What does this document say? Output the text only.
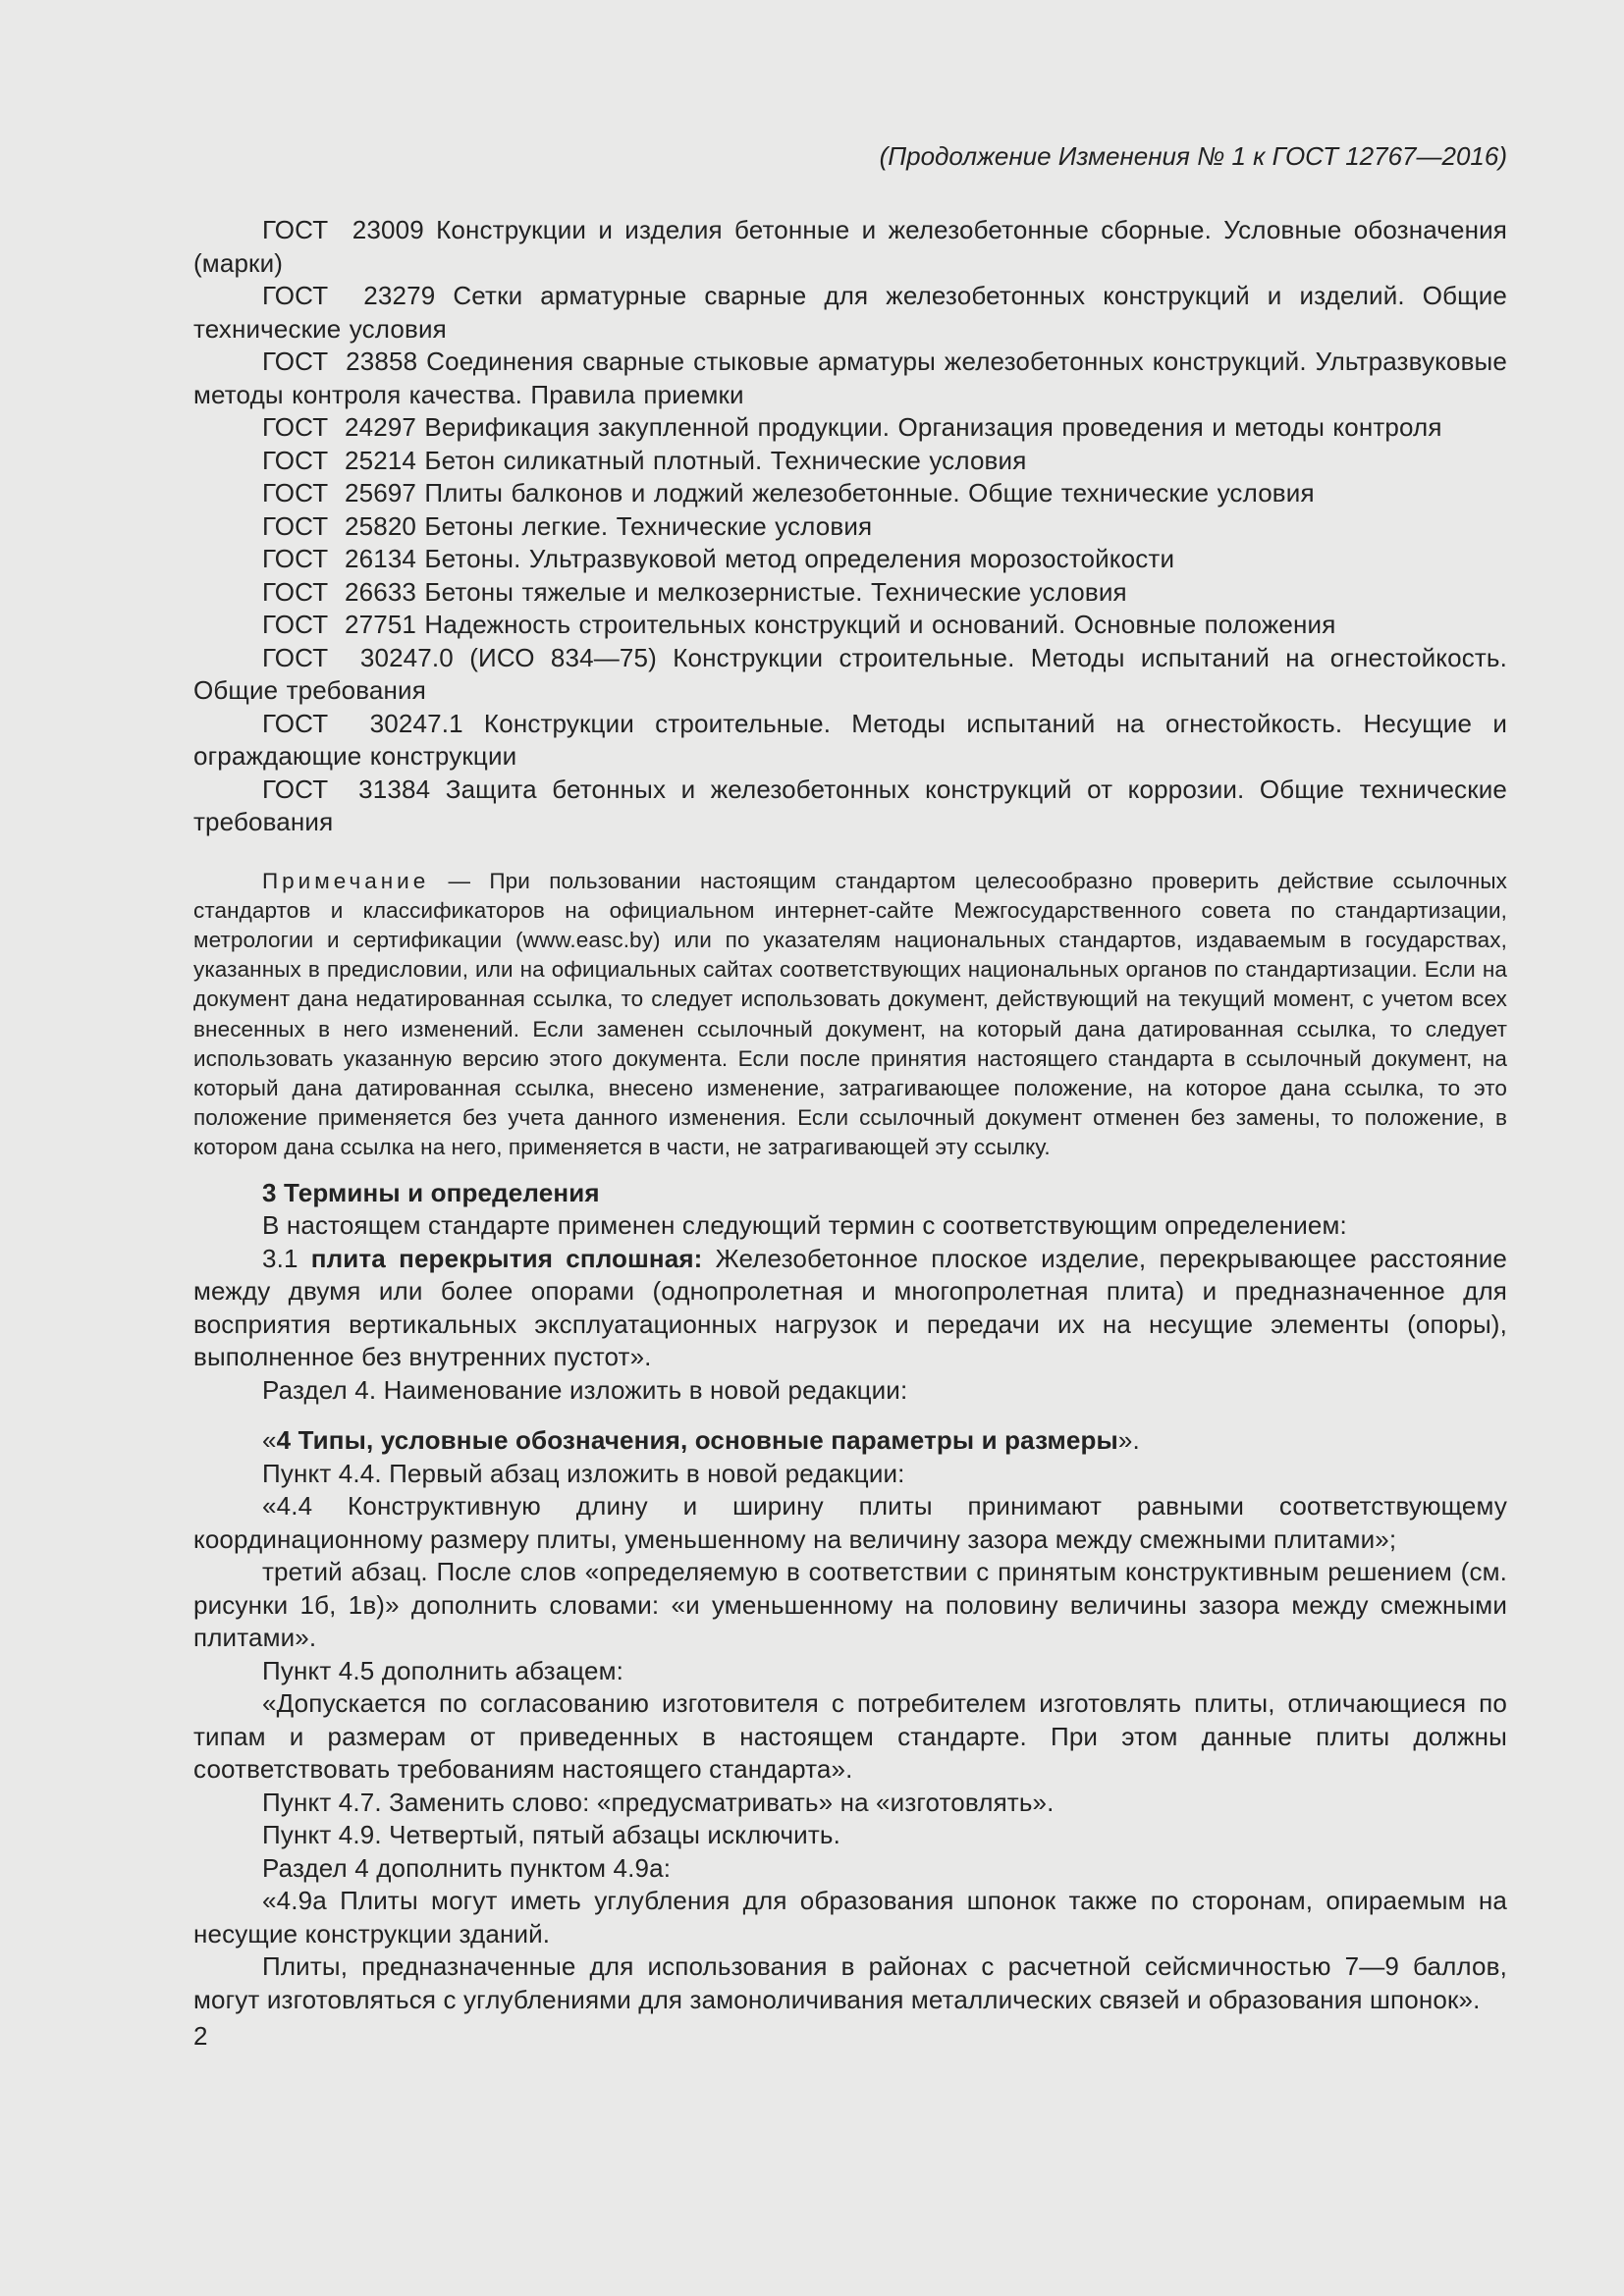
(Продолжение Изменения № 1 к ГОСТ 12767—2016)

ГОСТ  23009 Конструкции и изделия бетонные и железобетонные сборные. Условные обозначения (марки)

ГОСТ  23279 Сетки арматурные сварные для железобетонных конструкций и изделий. Общие технические условия

ГОСТ  23858 Соединения сварные стыковые арматуры железобетонных конструкций. Ультразвуковые методы контроля качества. Правила приемки

ГОСТ  24297 Верификация закупленной продукции. Организация проведения и методы контроля

ГОСТ  25214 Бетон силикатный плотный. Технические условия

ГОСТ  25697 Плиты балконов и лоджий железобетонные. Общие технические условия

ГОСТ  25820 Бетоны легкие. Технические условия

ГОСТ  26134 Бетоны. Ультразвуковой метод определения морозостойкости

ГОСТ  26633 Бетоны тяжелые и мелкозернистые. Технические условия

ГОСТ  27751 Надежность строительных конструкций и оснований. Основные положения

ГОСТ  30247.0 (ИСО 834—75) Конструкции строительные. Методы испытаний на огнестойкость. Общие требования

ГОСТ  30247.1 Конструкции строительные. Методы испытаний на огнестойкость. Несущие и ограждающие конструкции

ГОСТ  31384 Защита бетонных и железобетонных конструкций от коррозии. Общие технические требования

Примечание — При пользовании настоящим стандартом целесообразно проверить действие ссылочных стандартов и классификаторов на официальном интернет-сайте Межгосударственного совета по стандартизации, метрологии и сертификации (www.easc.by) или по указателям национальных стандартов, издаваемым в государствах, указанных в предисловии, или на официальных сайтах соответствующих национальных органов по стандартизации. Если на документ дана недатированная ссылка, то следует использовать документ, действующий на текущий момент, с учетом всех внесенных в него изменений. Если заменен ссылочный документ, на который дана датированная ссылка, то следует использовать указанную версию этого документа. Если после принятия настоящего стандарта в ссылочный документ, на который дана датированная ссылка, внесено изменение, затрагивающее положение, на которое дана ссылка, то это положение применяется без учета данного изменения. Если ссылочный документ отменен без замены, то положение, в котором дана ссылка на него, применяется в части, не затрагивающей эту ссылку.

3 Термины и определения

В настоящем стандарте применен следующий термин с соответствующим определением:

3.1 плита перекрытия сплошная: Железобетонное плоское изделие, перекрывающее расстояние между двумя или более опорами (однопролетная и многопролетная плита) и предназначенное для восприятия вертикальных эксплуатационных нагрузок и передачи их на несущие элементы (опоры), выполненное без внутренних пустот».

Раздел 4. Наименование изложить в новой редакции:

«4 Типы, условные обозначения, основные параметры и размеры».

Пункт 4.4. Первый абзац изложить в новой редакции:

«4.4 Конструктивную длину и ширину плиты принимают равными соответствующему координационному размеру плиты, уменьшенному на величину зазора между смежными плитами»;

третий абзац. После слов «определяемую в соответствии с принятым конструктивным решением (см. рисунки 1б, 1в)» дополнить словами: «и уменьшенному на половину величины зазора между смежными плитами».

Пункт 4.5 дополнить абзацем:

«Допускается по согласованию изготовителя с потребителем изготовлять плиты, отличающиеся по типам и размерам от приведенных в настоящем стандарте. При этом данные плиты должны соответствовать требованиям настоящего стандарта».

Пункт 4.7. Заменить слово: «предусматривать» на «изготовлять».

Пункт 4.9. Четвертый, пятый абзацы исключить.

Раздел 4 дополнить пунктом 4.9а:

«4.9а Плиты могут иметь углубления для образования шпонок также по сторонам, опираемым на несущие конструкции зданий.

Плиты, предназначенные для использования в районах с расчетной сейсмичностью 7—9 баллов, могут изготовляться с углублениями для замоноличивания металлических связей и образования шпонок».

2
